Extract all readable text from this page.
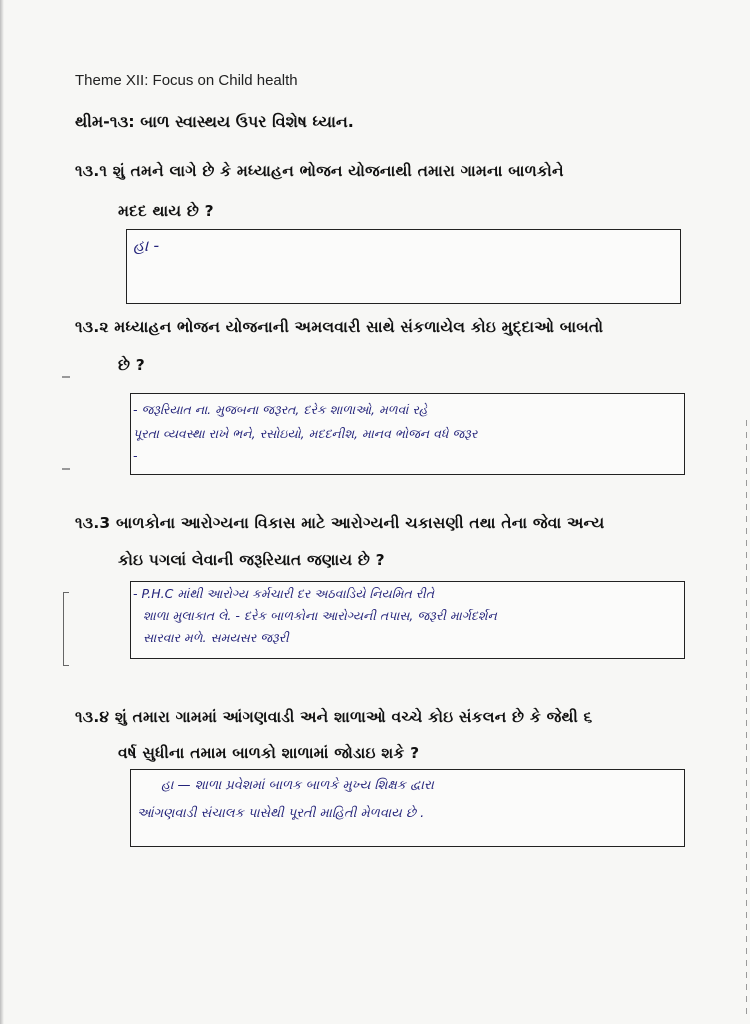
Theme XII: Focus on Child health
થીમ-૧૩: બાળ સ્વાસ્થય ઉપર વિશેષ ધ્યાન.
૧૩.૧ શું તમને લાગે છે કે મધ્યાહન ભોજન યોજનાથી તમારા ગામના બાળકોને
મદદ થાય છે ?
હા -
૧૩.૨ મધ્યાહન ભોજન યોજનાની અમલવારી સાથે સંકળાયેલ કોઇ મુદ્દાઓ બાબતો
છે ?
- જરૂરિયાત ના. મુજબના જરૂરત, દરેક શાળાઓ, મળવાં રહે
પૂરતા વ્યવસ્થા રાખે ભને, રસોઇયો, મદદનીશ, માનવ ભોજન વધે જરૂર
-
૧૩.3 બાળકોના આરોગ્યના વિકાસ માટે આરોગ્યની ચકાસણી તથા તેના જેવા અન્ય
કોઇ પગલાં લેવાની જરૂરિયાત જણાય છે ?
- P.H.C માંથી આરોગ્ય કર્મચારી દર અઠવાડિયે નિયમિત રીતે
શાળા મુલાકાત લે. - દરેક બાળકોના આરોગ્યની તપાસ, જરૂરી માર્ગદર્શન
સારવાર મળે. સમયસર જરૂરી
૧૩.૪ શું તમારા ગામમાં આંગણવાડી અને શાળાઓ વચ્ચે કોઇ સંકલન છે કે જેથી ૬
વર્ષ સુધીના તમામ બાળકો શાળામાં જોડાઇ શકે ?
હા — શાળા પ્રવેશમાં બાળક બાળકે મુખ્ય શિક્ષક દ્વારા
આંગણવાડી સંચાલક પાસેથી પૂરતી માહિતી મેળવાય છે .
